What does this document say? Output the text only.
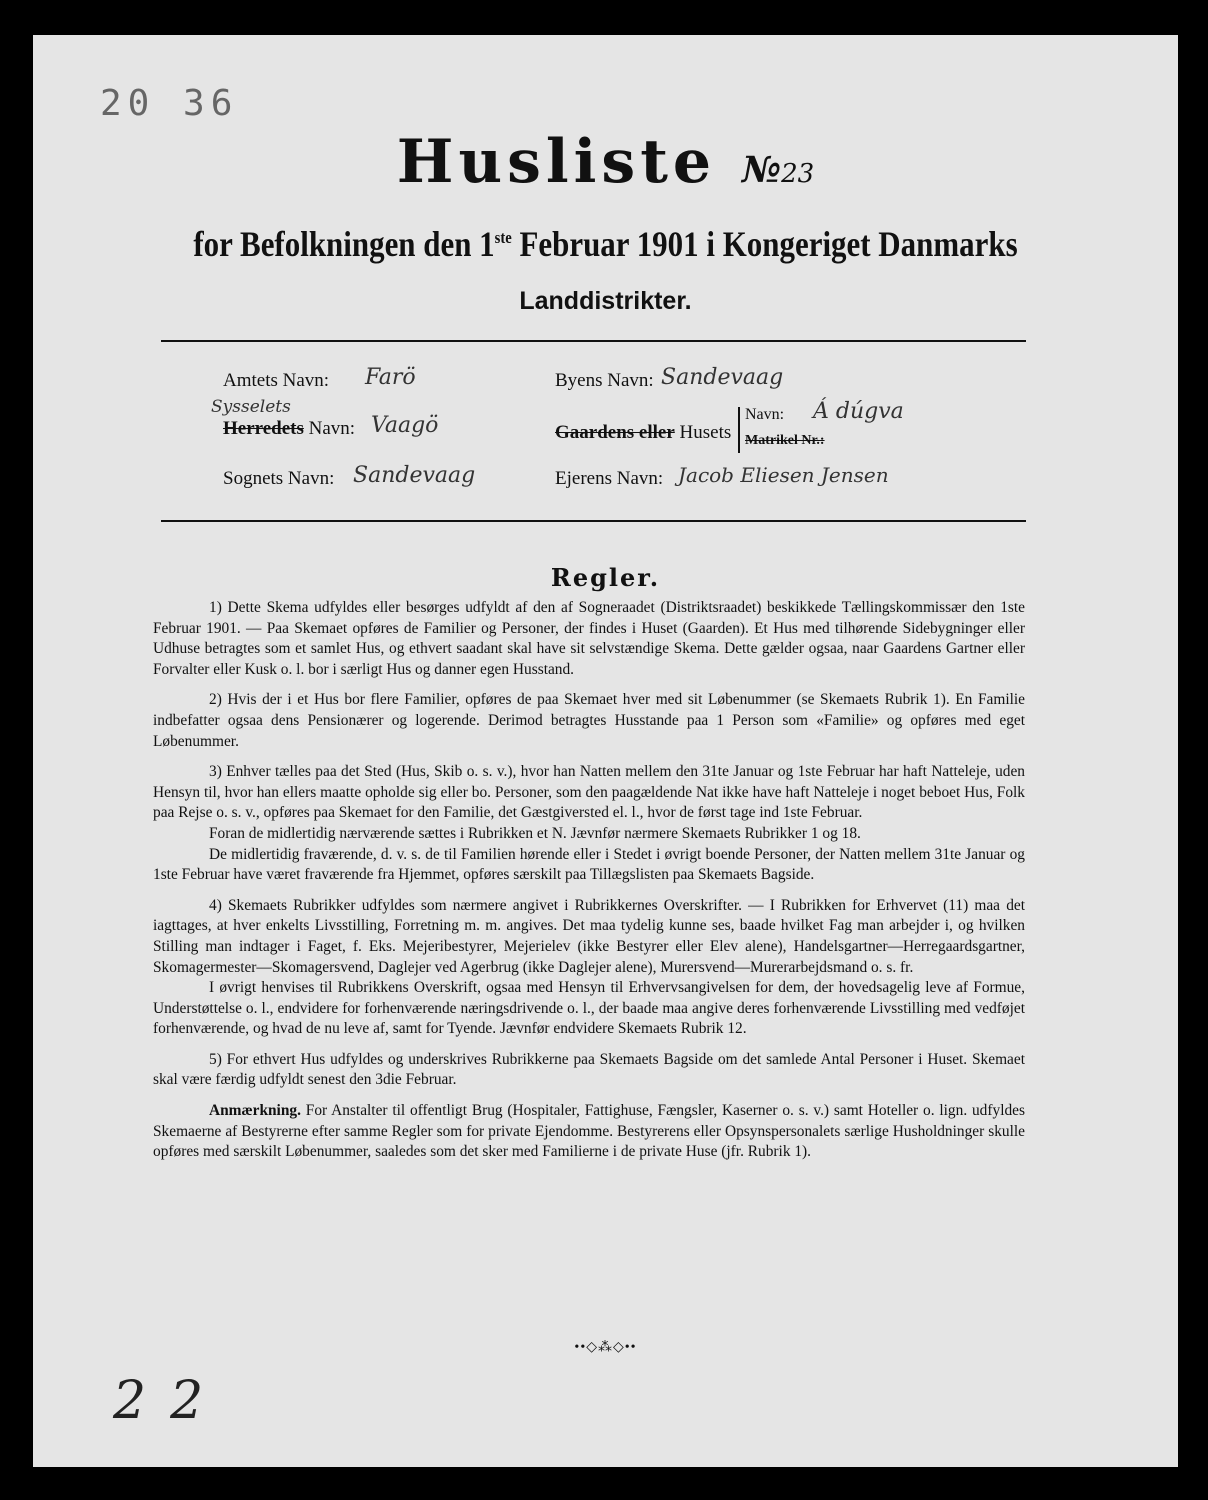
20 36
Husliste №23
for Befolkningen den 1ste Februar 1901 i Kongeriget Danmarks
Landdistrikter.
Amtets Navn: Farö
Sysselets
Herredets Navn: Vaagö
Sognets Navn: Sandevaag
Byens Navn: Sandevaag
Gaardens eller Husets
Navn: Á dúgva
Matrikel Nr.:
Ejerens Navn: Jacob Eliesen Jensen
Regler.

1) Dette Skema udfyldes eller besørges udfyldt af den af Sogneraadet (Distriktsraadet) beskikkede Tællingskommissær den 1ste Februar 1901. — Paa Skemaet opføres de Familier og Personer, der findes i Huset (Gaarden). Et Hus med tilhørende Sidebygninger eller Udhuse betragtes som et samlet Hus, og ethvert saadant skal have sit selvstændige Skema. Dette gælder ogsaa, naar Gaardens Gartner eller Forvalter eller Kusk o. l. bor i særligt Hus og danner egen Husstand.

2) Hvis der i et Hus bor flere Familier, opføres de paa Skemaet hver med sit Løbenummer (se Skemaets Rubrik 1). En Familie indbefatter ogsaa dens Pensionærer og logerende. Derimod betragtes Husstande paa 1 Person som «Familie» og opføres med eget Løbenummer.

3) Enhver tælles paa det Sted (Hus, Skib o. s. v.), hvor han Natten mellem den 31te Januar og 1ste Februar har haft Natteleje, uden Hensyn til, hvor han ellers maatte opholde sig eller bo. Personer, som den paagældende Nat ikke have haft Natteleje i noget beboet Hus, Folk paa Rejse o. s. v., opføres paa Skemaet for den Familie, det Gæstgiversted el. l., hvor de først tage ind 1ste Februar.

Foran de midlertidig nærværende sættes i Rubrikken et N. Jævnfør nærmere Skemaets Rubrikker 1 og 18.

De midlertidig fraværende, d. v. s. de til Familien hørende eller i Stedet i øvrigt boende Personer, der Natten mellem 31te Januar og 1ste Februar have været fraværende fra Hjemmet, opføres særskilt paa Tillægslisten paa Skemaets Bagside.

4) Skemaets Rubrikker udfyldes som nærmere angivet i Rubrikkernes Overskrifter. — I Rubrikken for Erhvervet (11) maa det iagttages, at hver enkelts Livsstilling, Forretning m. m. angives. Det maa tydelig kunne ses, baade hvilket Fag man arbejder i, og hvilken Stilling man indtager i Faget, f. Eks. Mejeribestyrer, Mejerielev (ikke Bestyrer eller Elev alene), Handelsgartner—Herregaardsgartner, Skomagermester—Skomagersvend, Daglejer ved Agerbrug (ikke Daglejer alene), Murersvend—Murerarbejdsmand o. s. fr.

I øvrigt henvises til Rubrikkens Overskrift, ogsaa med Hensyn til Erhvervsangivelsen for dem, der hovedsagelig leve af Formue, Understøttelse o. l., endvidere for forhenværende næringsdrivende o. l., der baade maa angive deres forhenværende Livsstilling med vedføjet forhenværende, og hvad de nu leve af, samt for Tyende. Jævnfør endvidere Skemaets Rubrik 12.

5) For ethvert Hus udfyldes og underskrives Rubrikkerne paa Skemaets Bagside om det samlede Antal Personer i Huset. Skemaet skal være færdig udfyldt senest den 3die Februar.

Anmærkning. For Anstalter til offentligt Brug (Hospitaler, Fattighuse, Fængsler, Kaserner o. s. v.) samt Hoteller o. lign. udfyldes Skemaerne af Bestyrerne efter samme Regler som for private Ejendomme. Bestyrerens eller Opsynspersonalets særlige Husholdninger skulle opføres med særskilt Løbenummer, saaledes som det sker med Familierne i de private Huse (jfr. Rubrik 1).

••◇⁂◇••
22
